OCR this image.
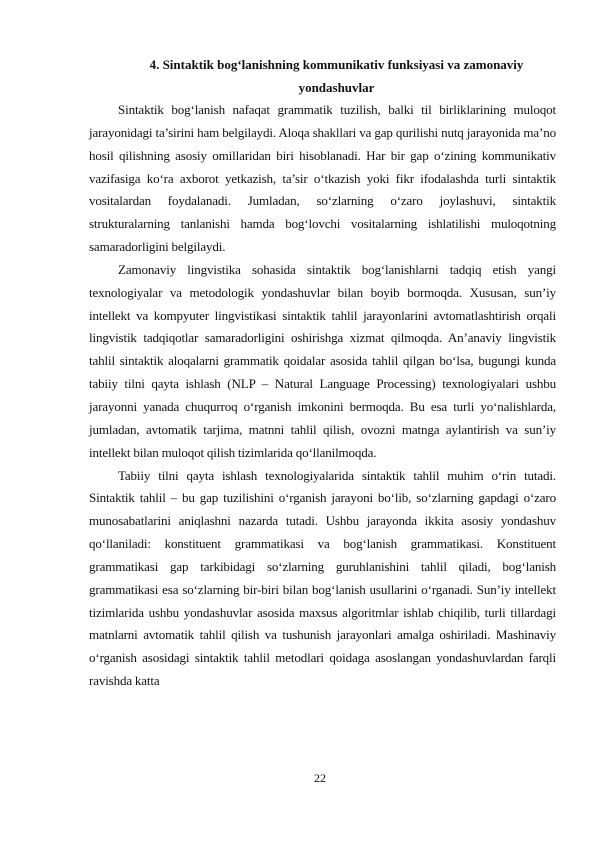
4. Sintaktik bog‘lanishning kommunikativ funksiyasi va zamonaviy yondashuvlar

Sintaktik bog‘lanish nafaqat grammatik tuzilish, balki til birliklarining muloqot jarayonidagi ta’sirini ham belgilaydi. Aloqa shakllari va gap qurilishi nutq jarayonida ma’no hosil qilishning asosiy omillaridan biri hisoblanadi. Har bir gap o‘zining kommunikativ vazifasiga ko‘ra axborot yetkazish, ta’sir o‘tkazish yoki fikr ifodalashda turli sintaktik vositalardan foydalanadi. Jumladan, so‘zlarning o‘zaro joylashuvi, sintaktik strukturalarning tanlanishi hamda bog‘lovchi vositalarning ishlatilishi muloqotning samaradorligini belgilaydi.

Zamonaviy lingvistika sohasida sintaktik bog‘lanishlarni tadqiq etish yangi texnologiyalar va metodologik yondashuvlar bilan boyib bormoqda. Xususan, sun’iy intellekt va kompyuter lingvistikasi sintaktik tahlil jarayonlarini avtomatlashtirish orqali lingvistik tadqiqotlar samaradorligini oshirishga xizmat qilmoqda. An’anaviy lingvistik tahlil sintaktik aloqalarni grammatik qoidalar asosida tahlil qilgan bo‘lsa, bugungi kunda tabiiy tilni qayta ishlash (NLP – Natural Language Processing) texnologiyalari ushbu jarayonni yanada chuqurroq o‘rganish imkonini bermoqda. Bu esa turli yo‘nalishlarda, jumladan, avtomatik tarjima, matnni tahlil qilish, ovozni matnga aylantirish va sun’iy intellekt bilan muloqot qilish tizimlarida qo‘llanilmoqda.

Tabiiy tilni qayta ishlash texnologiyalarida sintaktik tahlil muhim o‘rin tutadi. Sintaktik tahlil – bu gap tuzilishini o‘rganish jarayoni bo‘lib, so‘zlarning gapdagi o‘zaro munosabatlarini aniqlashni nazarda tutadi. Ushbu jarayonda ikkita asosiy yondashuv qo‘llaniladi: konstituent grammatikasi va bog‘lanish grammatikasi. Konstituent grammatikasi gap tarkibidagi so‘zlarning guruhlanishini tahlil qiladi, bog‘lanish grammatikasi esa so‘zlarning bir-biri bilan bog‘lanish usullarini o‘rganadi. Sun’iy intellekt tizimlarida ushbu yondashuvlar asosida maxsus algoritmlar ishlab chiqilib, turli tillardagi matnlarni avtomatik tahlil qilish va tushunish jarayonlari amalga oshiriladi. Mashinaviy o‘rganish asosidagi sintaktik tahlil metodlari qoidaga asoslangan yondashuvlardan farqli ravishda katta

22
